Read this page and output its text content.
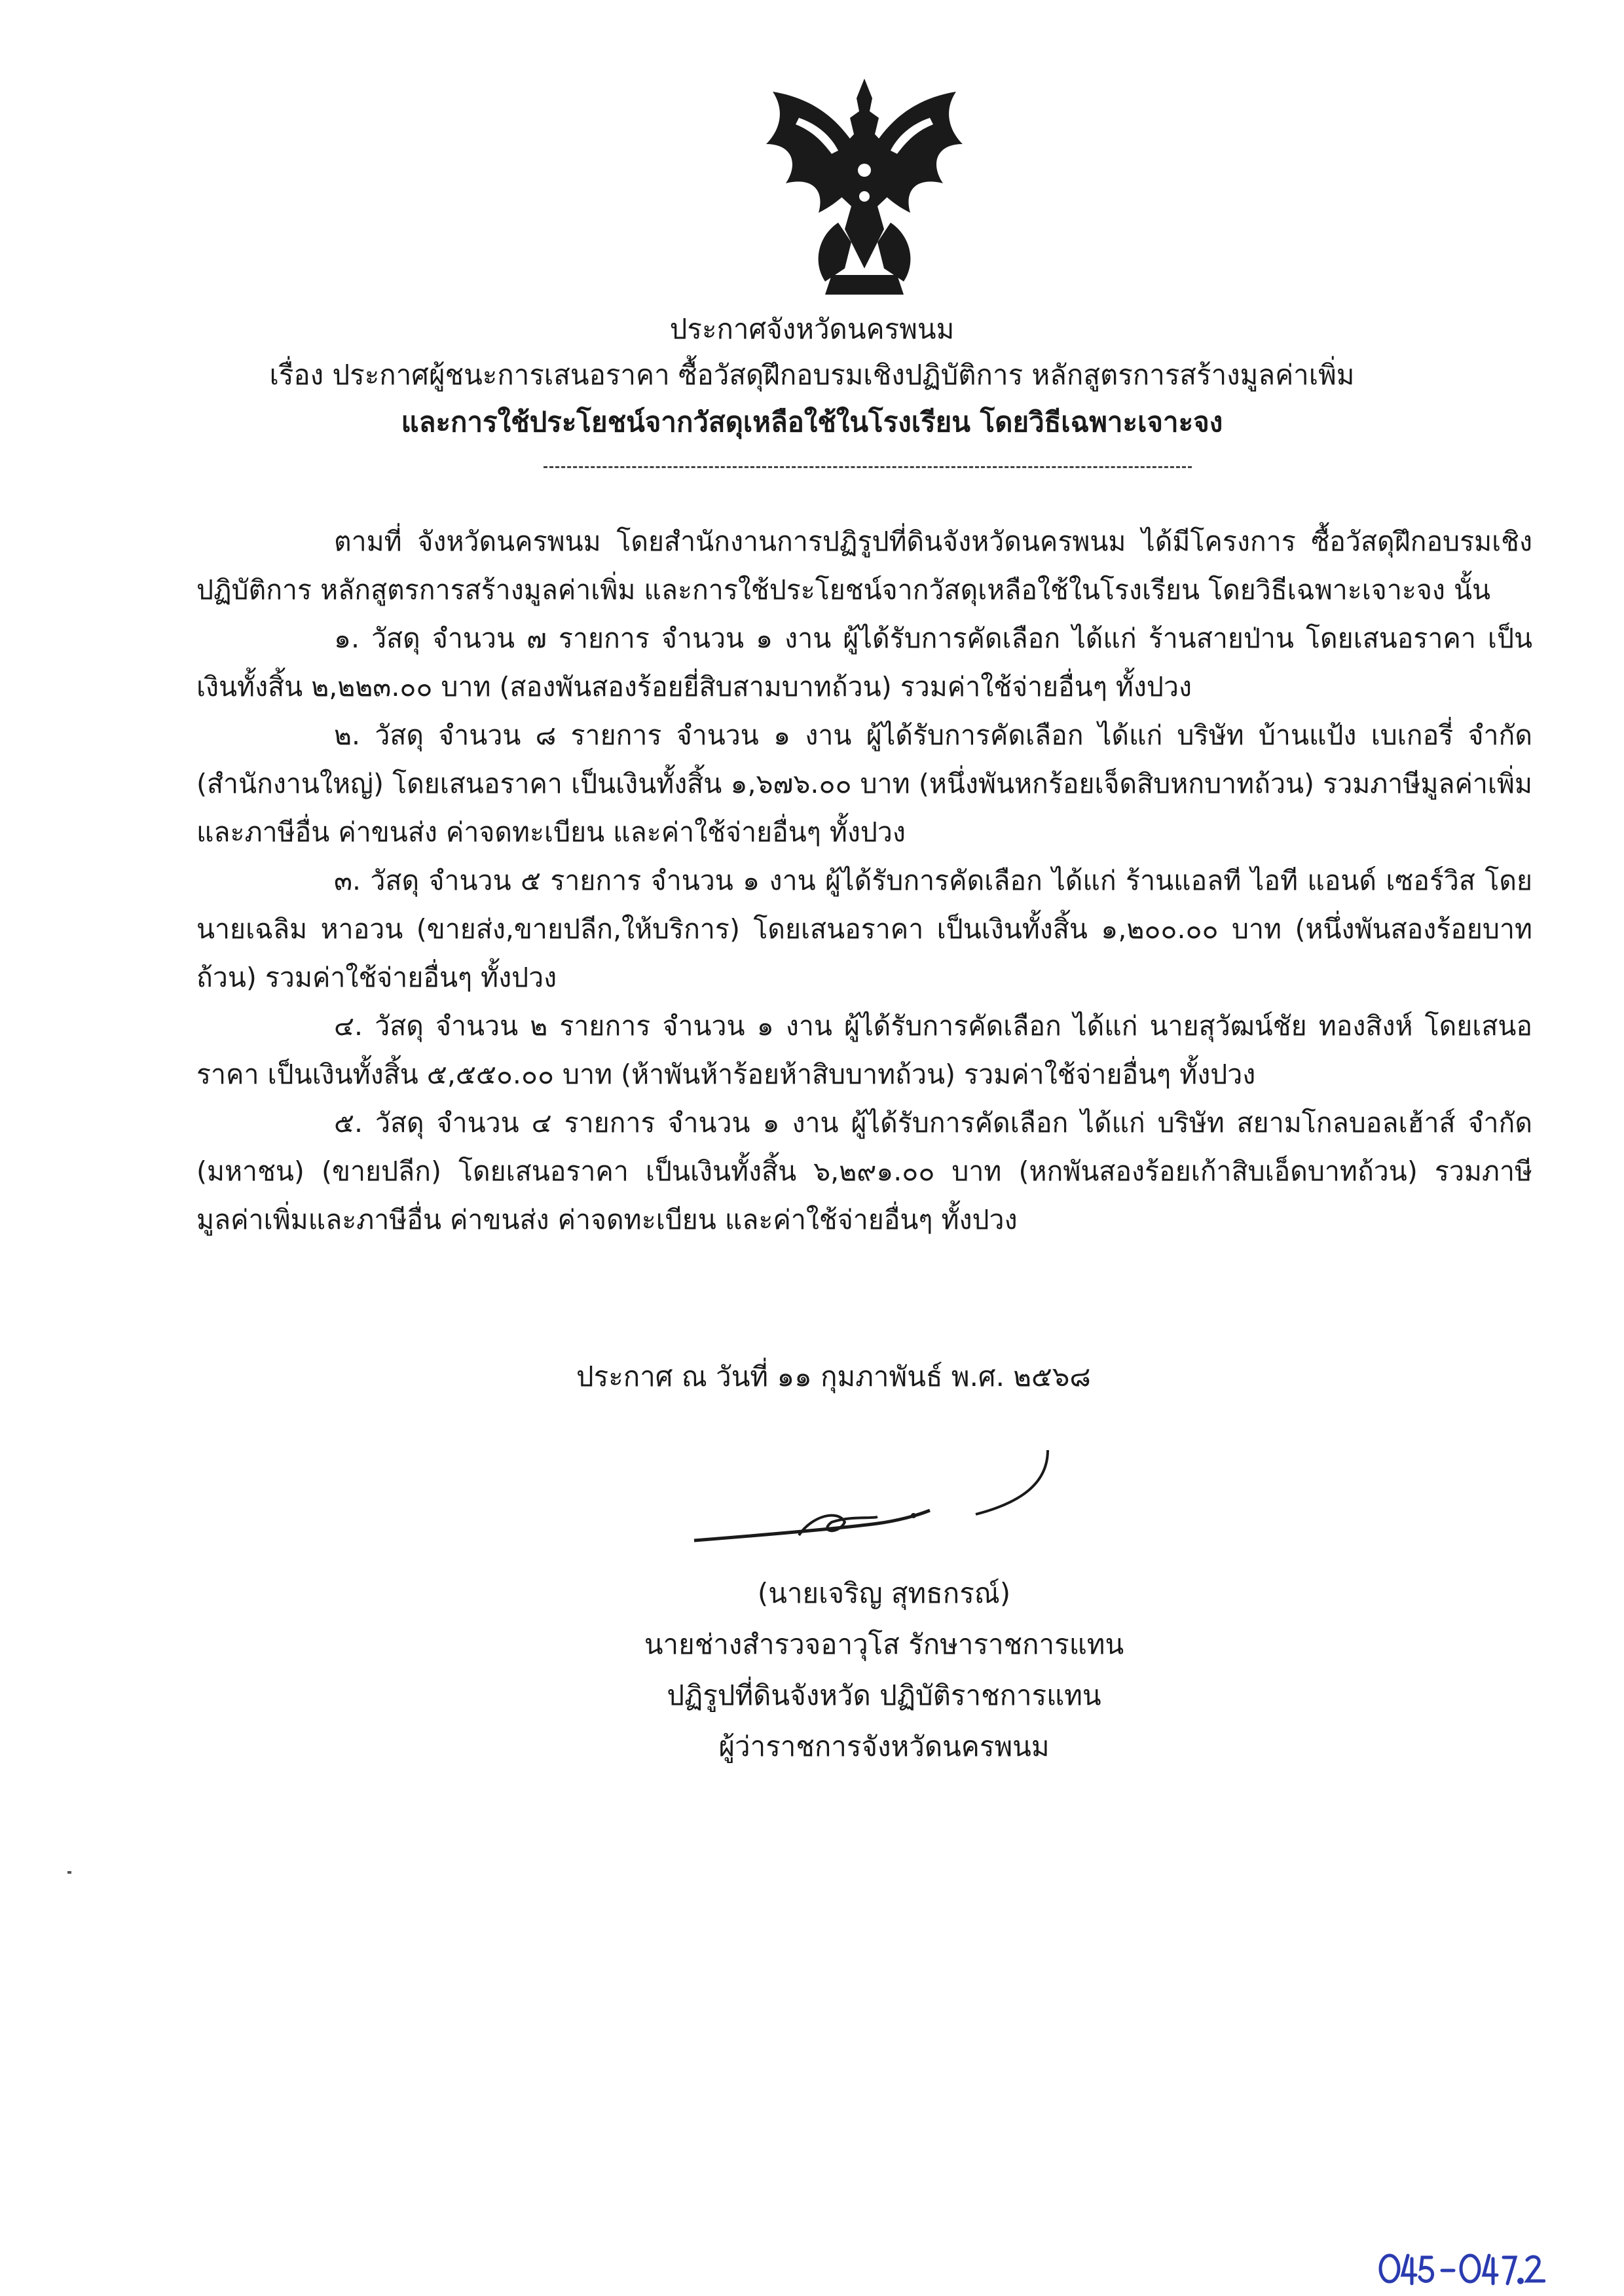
ประกาศจังหวัดนครพนม
เรื่อง ประกาศผู้ชนะการเสนอราคา ซื้อวัสดุฝึกอบรมเชิงปฏิบัติการ หลักสูตรการสร้างมูลค่าเพิ่ม
และการใช้ประโยชน์จากวัสดุเหลือใช้ในโรงเรียน โดยวิธีเฉพาะเจาะจง

ตามที่ จังหวัดนครพนม โดยสำนักงานการปฏิรูปที่ดินจังหวัดนครพนม ได้มีโครงการ ซื้อวัสดุฝึกอบรมเชิงปฏิบัติการ หลักสูตรการสร้างมูลค่าเพิ่ม และการใช้ประโยชน์จากวัสดุเหลือใช้ในโรงเรียน โดยวิธีเฉพาะเจาะจง นั้น

๑. วัสดุ จำนวน ๗ รายการ จำนวน ๑ งาน ผู้ได้รับการคัดเลือก ได้แก่ ร้านสายป่าน โดยเสนอราคา เป็นเงินทั้งสิ้น ๒,๒๒๓.๐๐ บาท (สองพันสองร้อยยี่สิบสามบาทถ้วน) รวมค่าใช้จ่ายอื่นๆ ทั้งปวง

๒. วัสดุ จำนวน ๘ รายการ จำนวน ๑ งาน ผู้ได้รับการคัดเลือก ได้แก่ บริษัท บ้านแป้ง เบเกอรี่ จำกัด (สำนักงานใหญ่) โดยเสนอราคา เป็นเงินทั้งสิ้น ๑,๖๗๖.๐๐ บาท (หนึ่งพันหกร้อยเจ็ดสิบหกบาทถ้วน) รวมภาษีมูลค่าเพิ่มและภาษีอื่น ค่าขนส่ง ค่าจดทะเบียน และค่าใช้จ่ายอื่นๆ ทั้งปวง

๓. วัสดุ จำนวน ๕ รายการ จำนวน ๑ งาน ผู้ได้รับการคัดเลือก ได้แก่ ร้านแอลที ไอที แอนด์ เซอร์วิส โดยนายเฉลิม หาอวน (ขายส่ง,ขายปลีก,ให้บริการ) โดยเสนอราคา เป็นเงินทั้งสิ้น ๑,๒๐๐.๐๐ บาท (หนึ่งพันสองร้อยบาทถ้วน) รวมค่าใช้จ่ายอื่นๆ ทั้งปวง

๔. วัสดุ จำนวน ๒ รายการ จำนวน ๑ งาน ผู้ได้รับการคัดเลือก ได้แก่ นายสุวัฒน์ชัย ทองสิงห์ โดยเสนอราคา เป็นเงินทั้งสิ้น ๕,๕๕๐.๐๐ บาท (ห้าพันห้าร้อยห้าสิบบาทถ้วน) รวมค่าใช้จ่ายอื่นๆ ทั้งปวง

๕. วัสดุ จำนวน ๔ รายการ จำนวน ๑ งาน ผู้ได้รับการคัดเลือก ได้แก่ บริษัท สยามโกลบอลเฮ้าส์ จำกัด (มหาชน) (ขายปลีก) โดยเสนอราคา เป็นเงินทั้งสิ้น ๖,๒๙๑.๐๐ บาท (หกพันสองร้อยเก้าสิบเอ็ดบาทถ้วน) รวมภาษีมูลค่าเพิ่มและภาษีอื่น ค่าขนส่ง ค่าจดทะเบียน และค่าใช้จ่ายอื่นๆ ทั้งปวง

ประกาศ ณ วันที่ ๑๑ กุมภาพันธ์ พ.ศ. ๒๕๖๘
(นายเจริญ สุทธกรณ์)
นายช่างสำรวจอาวุโส รักษาราชการแทน
ปฏิรูปที่ดินจังหวัด ปฏิบัติราชการแทน
ผู้ว่าราชการจังหวัดนครพนม
